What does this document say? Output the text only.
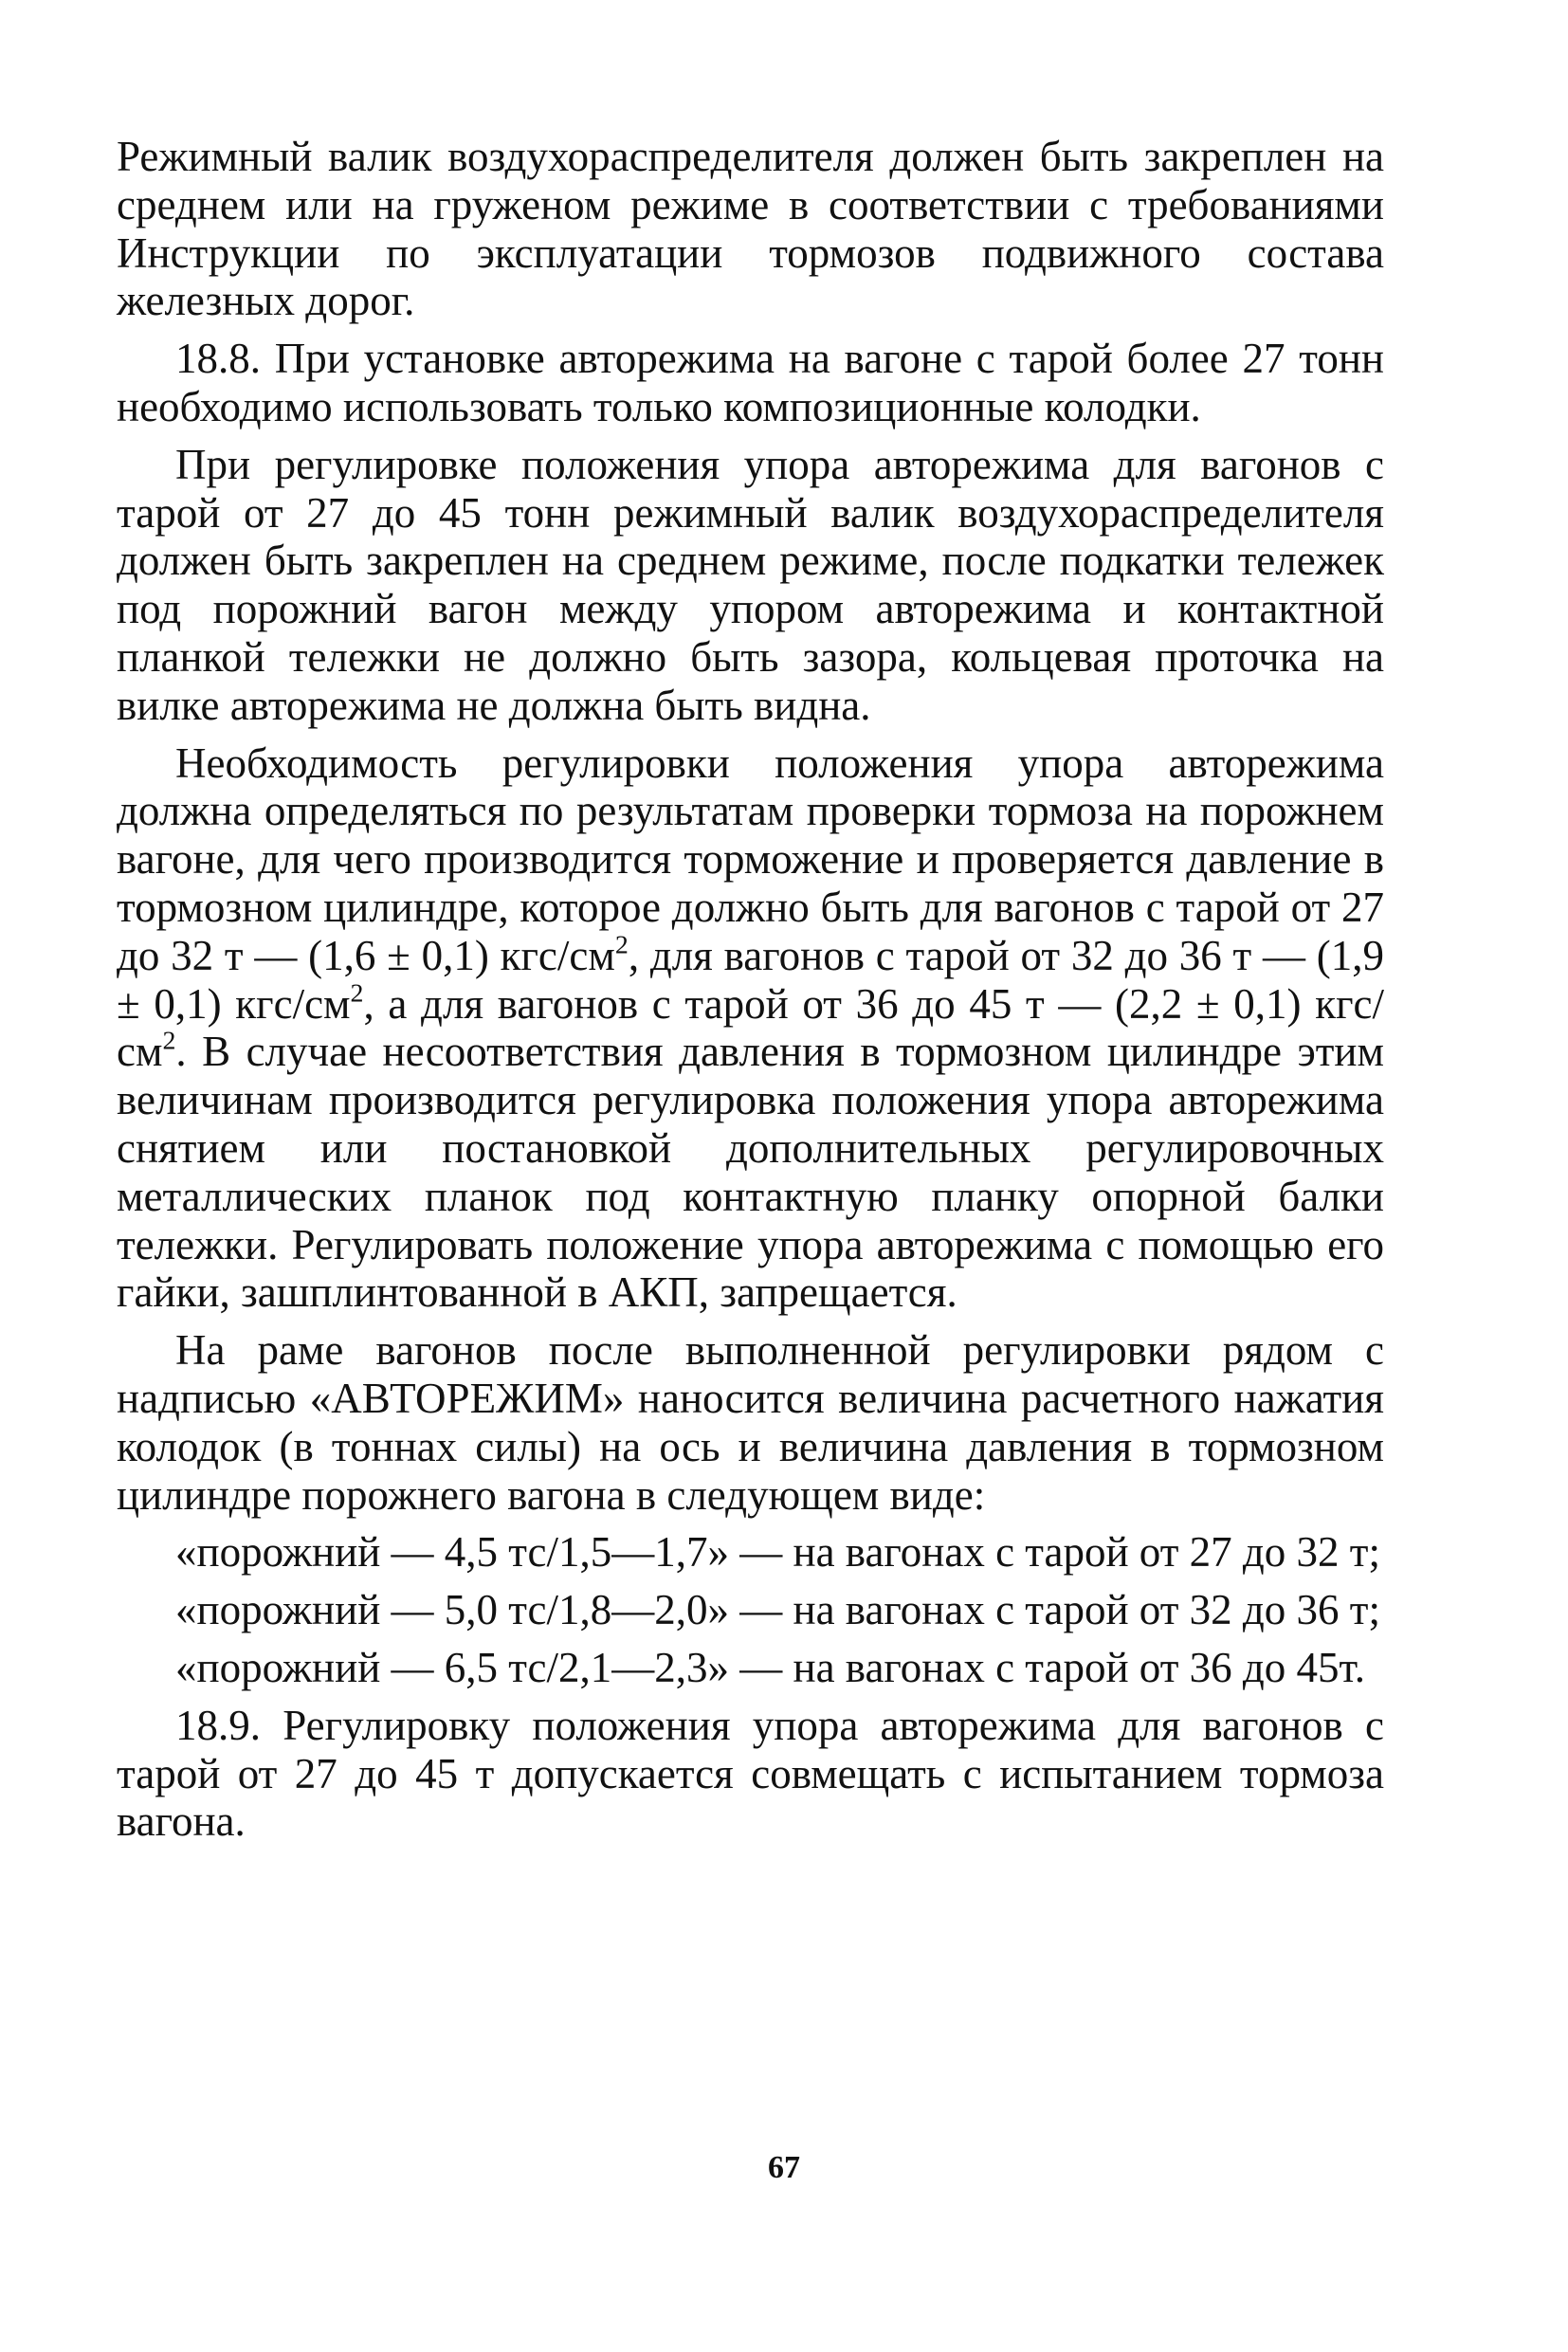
Режимный валик воздухораспределителя должен быть закреплен на среднем или на груженом режиме в соответствии с требованиями Инструкции по эксплуатации тормозов подвижного состава железных дорог.

18.8. При установке авторежима на вагоне с тарой более 27 тонн необходимо использовать только композиционные колодки.

При регулировке положения упора авторежима для вагонов с тарой от 27 до 45 тонн режимный валик воздухораспределителя должен быть закреплен на среднем режиме, после подкатки тележек под порожний вагон между упором авторежима и контактной планкой тележки не должно быть зазора, кольцевая проточка на вилке авторежима не должна быть видна.

Необходимость регулировки положения упора авторежима должна определяться по результатам проверки тормоза на порожнем вагоне, для чего производится торможение и проверяется давление в тормозном цилиндре, которое должно быть для вагонов с тарой от 27 до 32 т — (1,6 ± 0,1) кгс/$см^2$, для вагонов с тарой от 32 до 36 т — (1,9 ± 0,1) кгс/$см^2$, а для вагонов с тарой от 36 до 45 т — (2,2 ± 0,1) кгс/$см^2$. В случае несоответствия давления в тормозном цилиндре этим величинам производится регулировка положения упора авторежима снятием или постановкой дополнительных регулировочных металлических планок под контактную планку опорной балки тележки. Регулировать положение упора авторежима с помощью его гайки, зашплинтованной в АКП, запрещается.

На раме вагонов после выполненной регулировки рядом с надписью «АВТОРЕЖИМ» наносится величина расчетного нажатия колодок (в тоннах силы) на ось и величина давления в тормозном цилиндре порожнего вагона в следующем виде:

«порожний — 4,5 тс/1,5—1,7» — на вагонах с тарой от 27 до 32 т;

«порожний — 5,0 тс/1,8—2,0» — на вагонах с тарой от 32 до 36 т;

«порожний — 6,5 тс/2,1—2,3» — на вагонах с тарой от 36 до 45т.

18.9. Регулировку положения упора авторежима для вагонов с тарой от 27 до 45 т допускается совмещать с испытанием тормоза вагона.

67
